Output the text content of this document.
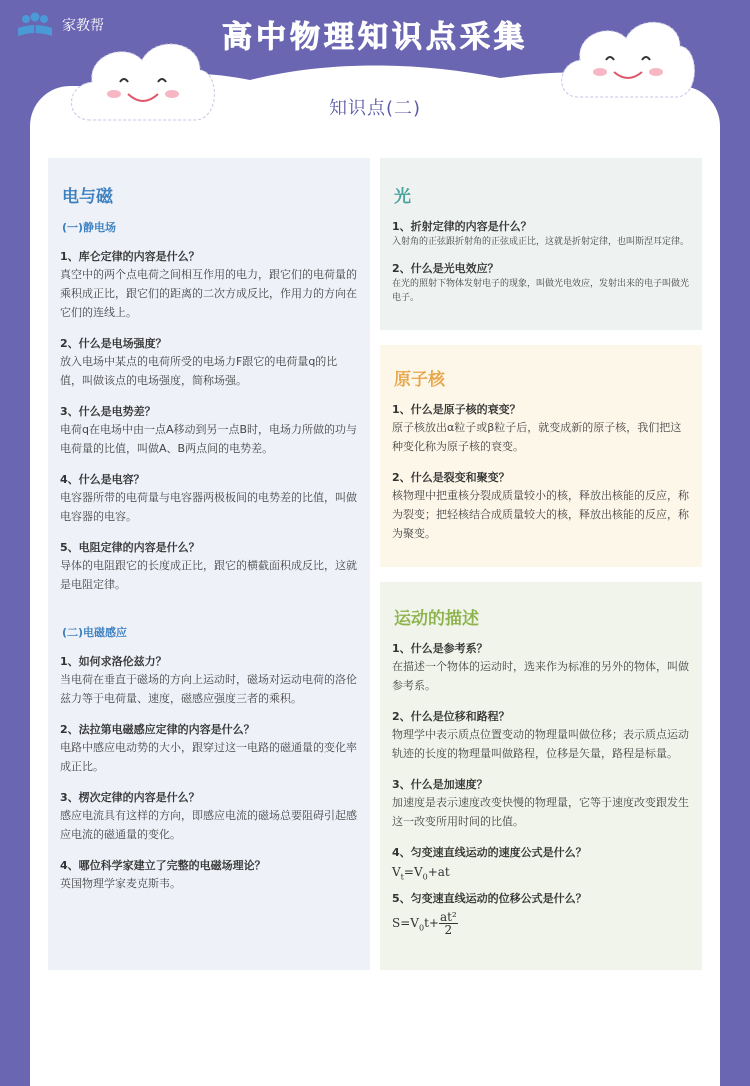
家教帮	高中物理知识点采集
知识点(二)
电与磁
(一)静电场
1、库仑定律的内容是什么？
真空中的两个点电荷之间相互作用的电力，跟它们的电荷量的乘积成正比，跟它们的距离的二次方成反比，作用力的方向在它们的连线上。
2、什么是电场强度？
放入电场中某点的电荷所受的电场力F跟它的电荷量q的比值，叫做该点的电场强度，简称场强。
3、什么是电势差？
电荷q在电场中由一点A移动到另一点B时，电场力所做的功与电荷量的比值，叫做A、B两点间的电势差。
4、什么是电容？
电容器所带的电荷量与电容器两极板间的电势差的比值，叫做电容器的电容。
5、电阻定律的内容是什么？
导体的电阻跟它的长度成正比，跟它的横截面积成反比，这就是电阻定律。
(二)电磁感应
1、如何求洛伦兹力？
当电荷在垂直于磁场的方向上运动时，磁场对运动电荷的洛伦兹力等于电荷量、速度，磁感应强度三者的乘积。
2、法拉第电磁感应定律的内容是什么？
电路中感应电动势的大小，跟穿过这一电路的磁通量的变化率成正比。
3、楞次定律的内容是什么？
感应电流具有这样的方向，即感应电流的磁场总要阻碍引起感应电流的磁通量的变化。
4、哪位科学家建立了完整的电磁场理论？
英国物理学家麦克斯韦。
光
1、折射定律的内容是什么？
入射角的正弦跟折射角的正弦成正比，这就是折射定律，也叫斯涅耳定律。
2、什么是光电效应？
在光的照射下物体发射电子的现象，叫做光电效应，发射出来的电子叫做光电子。
原子核
1、什么是原子核的衰变？
原子核放出α粒子或β粒子后，就变成新的原子核，我们把这种变化称为原子核的衰变。
2、什么是裂变和聚变？
核物理中把重核分裂成质量较小的核，释放出核能的反应，称为裂变；把轻核结合成质量较大的核，释放出核能的反应，称为聚变。
运动的描述
1、什么是参考系？
在描述一个物体的运动时，选来作为标准的另外的物体，叫做参考系。
2、什么是位移和路程？
物理学中表示质点位置变动的物理量叫做位移；表示质点运动轨迹的长度的物理量叫做路程，位移是矢量，路程是标量。
3、什么是加速度？
加速度是表示速度改变快慢的物理量，它等于速度改变跟发生这一改变所用时间的比值。
4、匀变速直线运动的速度公式是什么？
$V_t=V_0+at$
5、匀变速直线运动的位移公式是什么？
$S=V_0t+ \frac{\text{at²}}{2}$
